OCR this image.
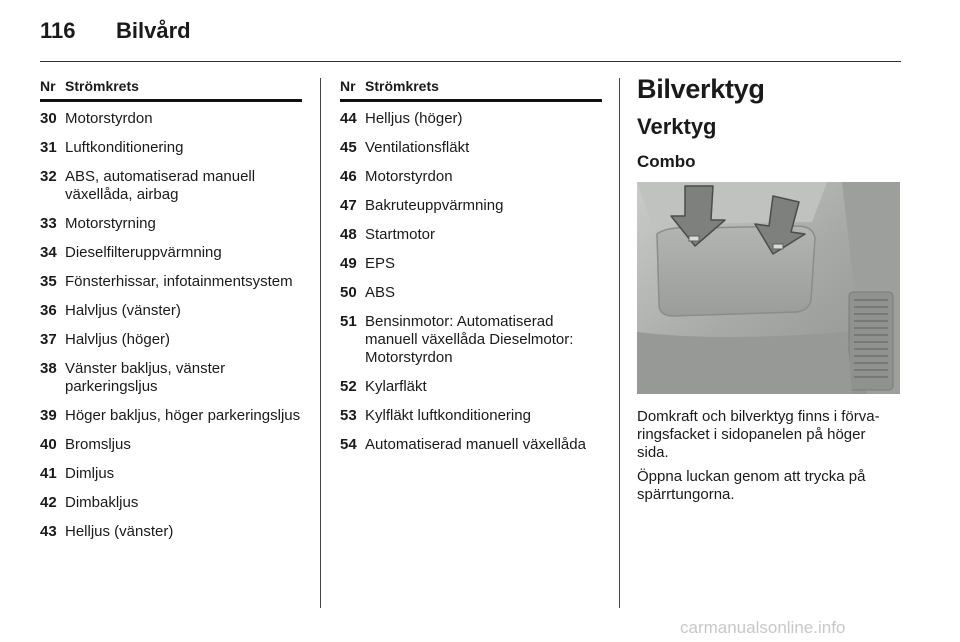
116 Bilvård
Nr Strömkrets
30 Motorstyrdon
31 Luftkonditionering
32 ABS, automatiserad manuell växellåda, airbag
33 Motorstyrning
34 Dieselfilteruppvärmning
35 Fönsterhissar, infotainmentsystem
36 Halvljus (vänster)
37 Halvljus (höger)
38 Vänster bakljus, vänster parkeringsljus
39 Höger bakljus, höger parkeringsljus
40 Bromsljus
41 Dimljus
42 Dimbakljus
43 Helljus (vänster)
Nr Strömkrets
44 Helljus (höger)
45 Ventilationsfläkt
46 Motorstyrdon
47 Bakruteuppvärmning
48 Startmotor
49 EPS
50 ABS
51 Bensinmotor: Automatiserad manuell växellåda Dieselmotor: Motorstyrdon
52 Kylarfläkt
53 Kylfläkt luftkonditionering
54 Automatiserad manuell växellåda
Bilverktyg
Verktyg
Combo

Domkraft och bilverktyg finns i förva-ringsfacket i sidopanelen på höger sida.

Öppna luckan genom att trycka på spärrtungorna.

carmanualsonline.info
